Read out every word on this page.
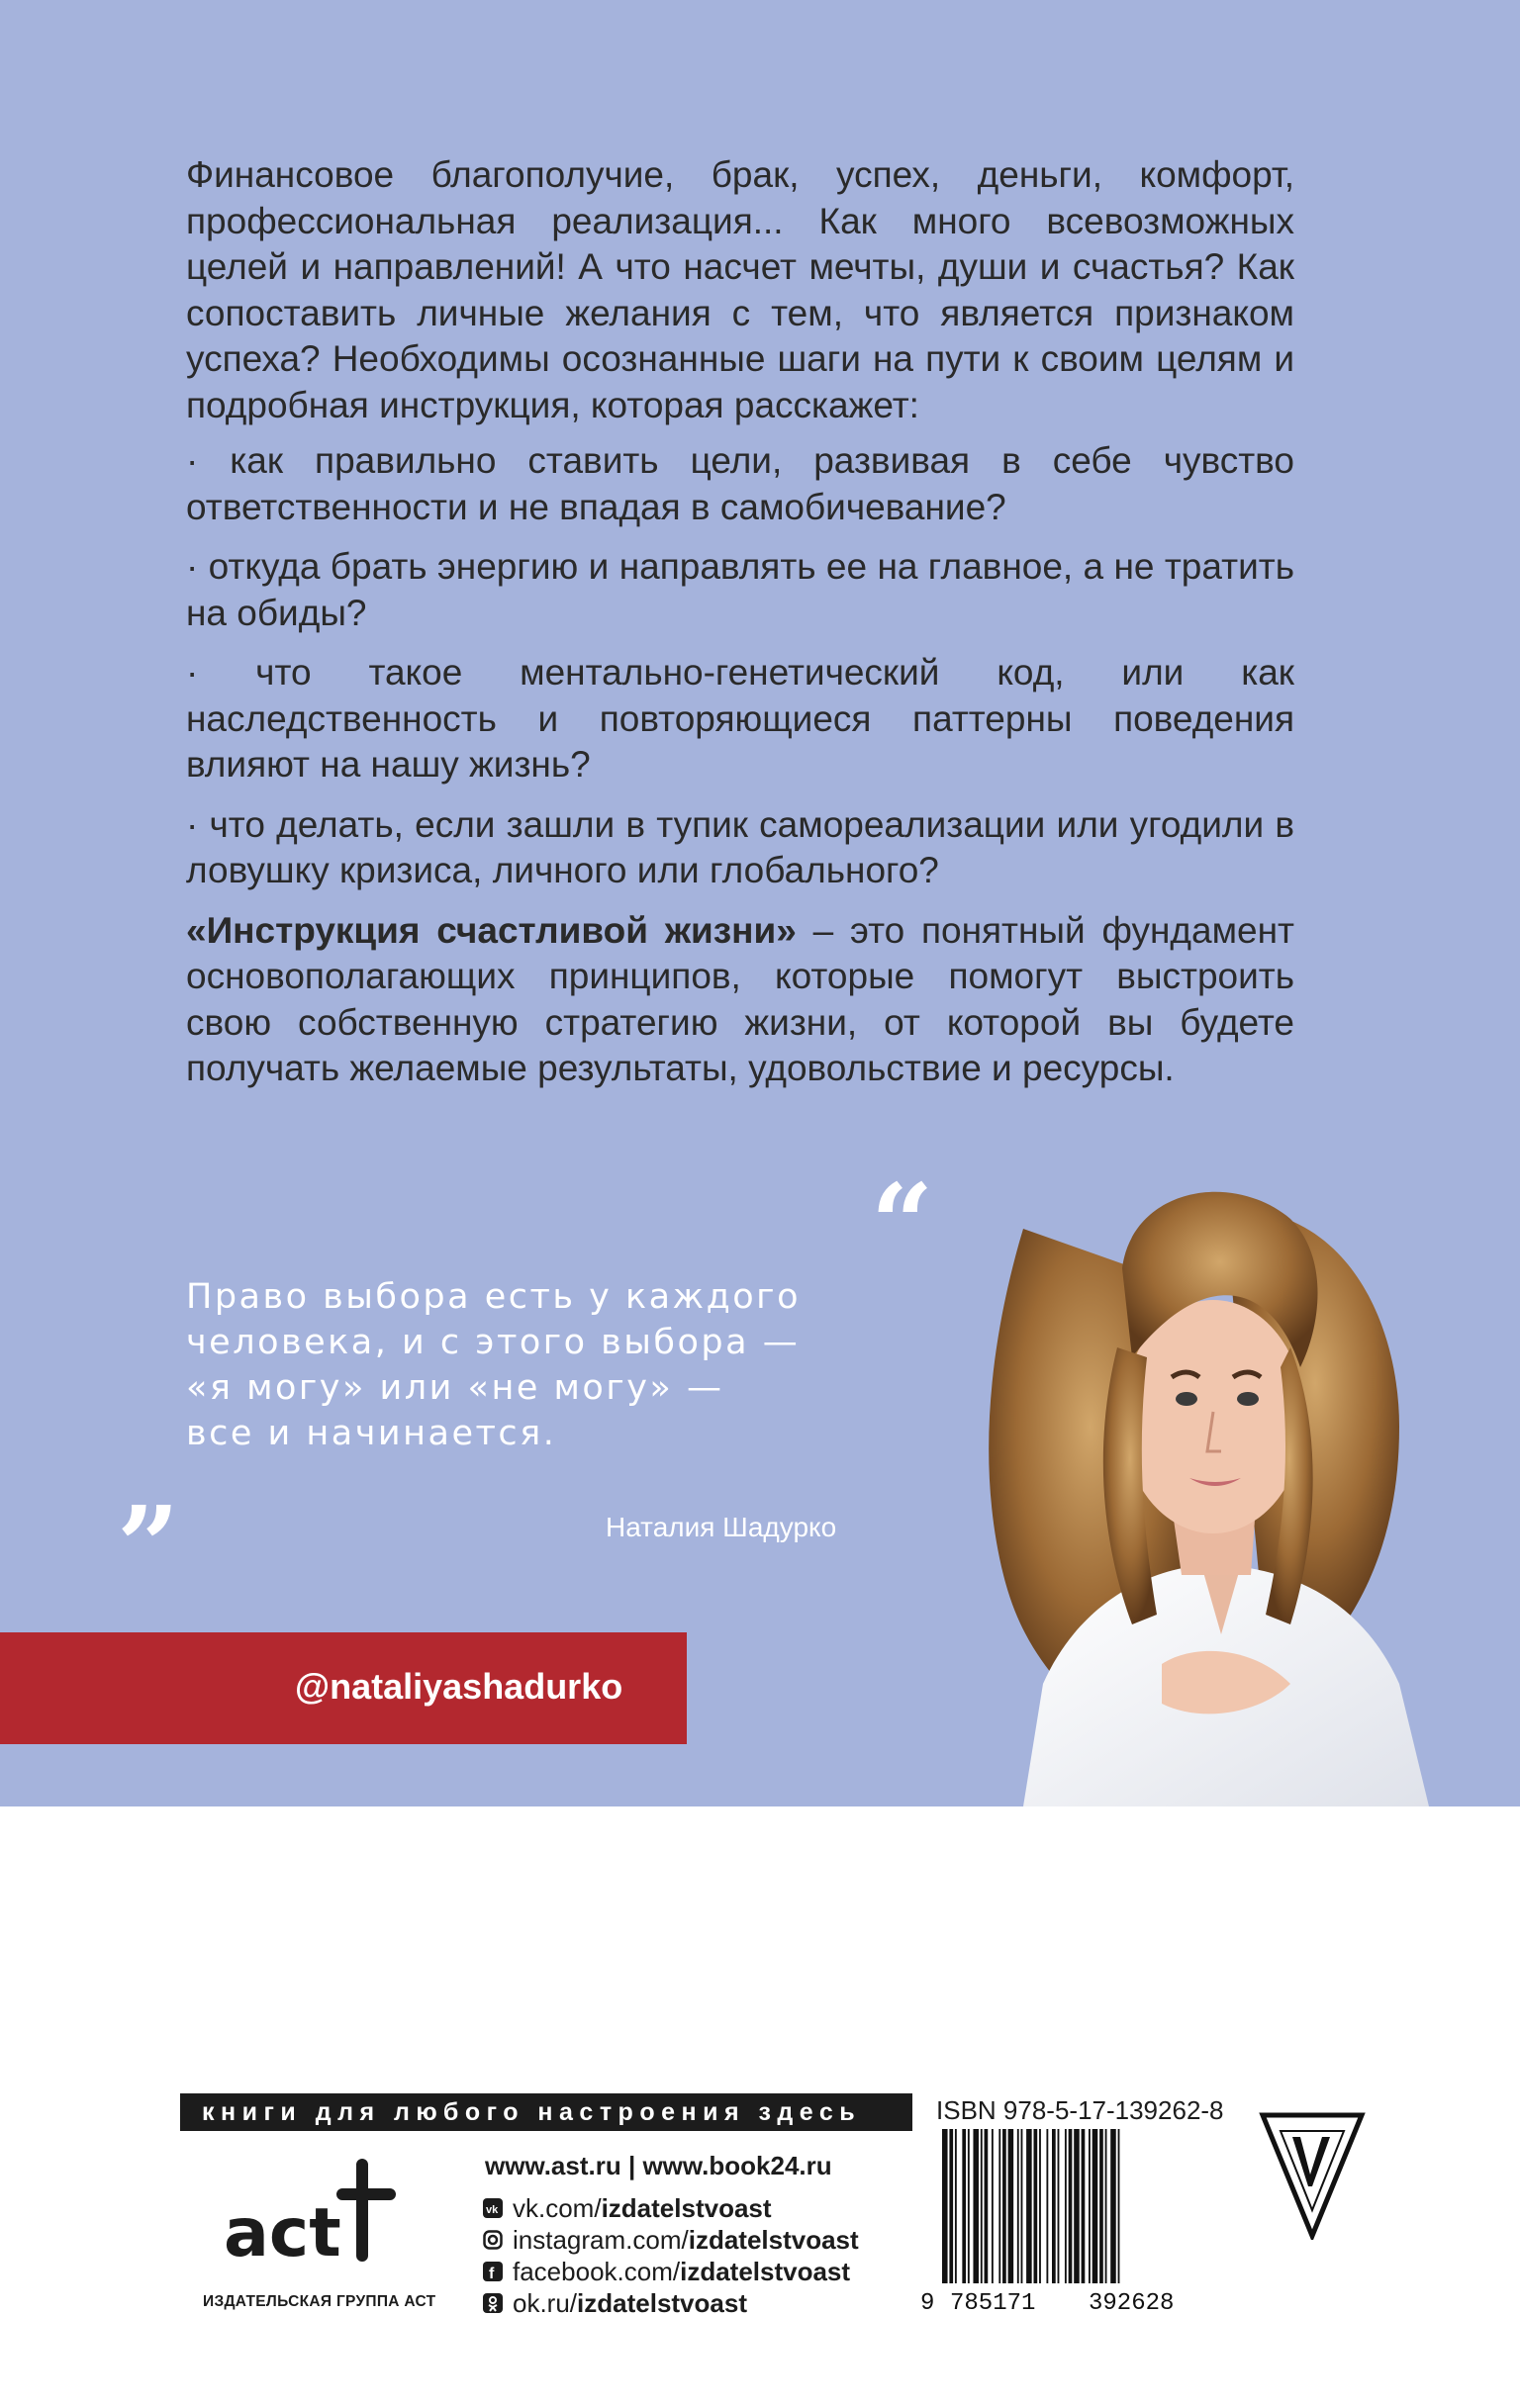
Финансовое благополучие, брак, успех, деньги, комфорт, профессиональная реализация... Как много всевозможных целей и направлений! А что насчет мечты, души и счастья? Как сопоставить личные желания с тем, что является признаком успеха? Необходимы осознанные шаги на пути к своим целям и подробная инструкция, которая расскажет:

· как правильно ставить цели, развивая в себе чувство ответственности и не впадая в самобичевание?

· откуда брать энергию и направлять ее на главное, а не тратить на обиды?

· что такое ментально-генетический код, или как наследственность и повторяющиеся паттерны поведения влияют на нашу жизнь?

· что делать, если зашли в тупик самореализации или угодили в ловушку кризиса, личного или глобального?

«Инструкция счастливой жизни» – это понятный фундамент основополагающих принципов, которые помогут выстроить свою собственную стратегию жизни, от которой вы будете получать желаемые результаты, удовольствие и ресурсы.

“
Право выбора есть у каждого
человека, и с этого выбора —
«я могу» или «не могу» —
все и начинается.
”	Наталия Шадурко
@nataliyashadurko
книги для любого настроения здесь	ISBN 978-5-17-139262-8
9 785171 392628
act
ИЗДАТЕЛЬСКАЯ ГРУППА АСТ
www.ast.ru | www.book24.ru
vk vk.com/ izdatelstvoast
instagram.com/ izdatelstvoast
f facebook.com/ izdatelstvoast
ok.ru/ izdatelstvoast
